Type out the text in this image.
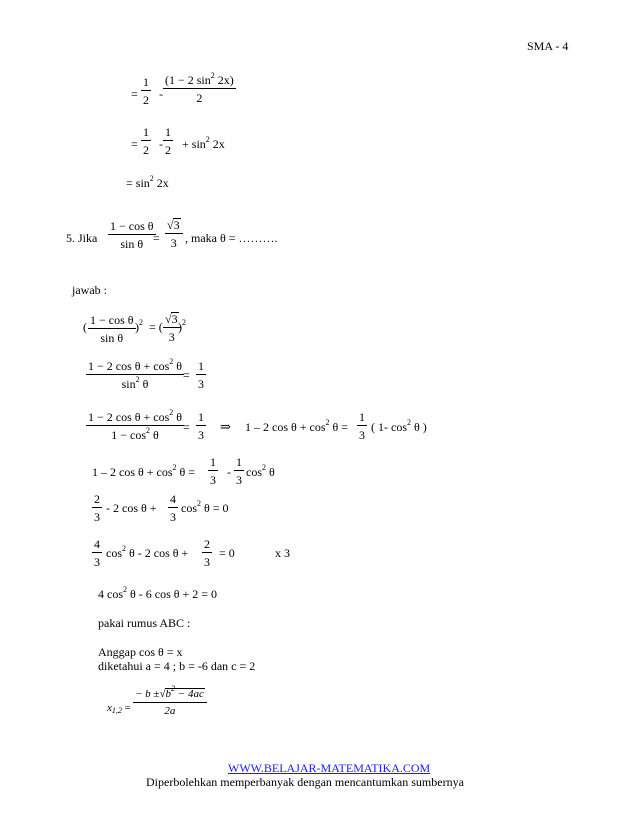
SMA - 4
=
1
2 -
(1 − 2 $\sin^2 2x$)
2
=
1
2 -
1
$2 + \sin^2 2x$
= $\sin^2 2x$
5. Jika
1 − cos θ
sin θ =
√3
3 , maka θ = ……….
jawab :
( 1 − cos θ
sin θ
)$^2$ = (
√3
3
)$^2$
1 − 2 $\cos \theta + \cos^2 \theta$
$\sin^2 \theta$
=
1
3
1 − 2 $\cos \theta + \cos^2 \theta$
$1 - \cos^2 \theta$
=
1
3
⇒ 1 – 2 $\cos \theta + \cos^2 \theta$ =
1
3
( 1- $\cos^2 \theta$ )
1 – 2 $\cos \theta + \cos^2 \theta$ =
1
3
-
1
3
$\cos^2 \theta$
2
3
- 2 cos θ +
4
3
$\cos^2 \theta = 0$
4
3
$\cos^2 \theta - 2$ cos θ +
2
3
= 0	x 3
4 $\cos^2 \theta - 6$ cos θ + 2 = 0
pakai rumus ABC :
Anggap cos θ = x
diketahui a = 4 ; b = -6 dan c = 2
$x_{1,2}$ =
− $b \pm√b^2 - 4ac$
2a
WWW.BELAJAR-MATEMATIKA.COM
Diperbolehkan memperbanyak dengan mencantumkan sumbernya
